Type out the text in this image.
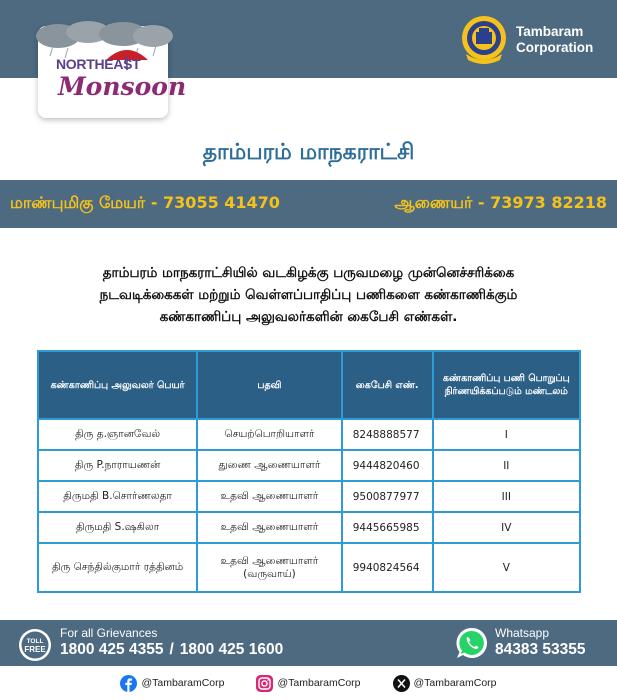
NORTHEAST
Monsoon
Tambaram
Corporation
தாம்பரம் மாநகராட்சி
மாண்புமிகு மேயர் - 73055 41470	ஆணையர் - 73973 82218
தாம்பரம் மாநகராட்சியில் வடகிழக்கு பருவமழை முன்னெச்சரிக்கை
நடவடிக்கைகள் மற்றும் வெள்ளப்பாதிப்பு பணிகளை கண்காணிக்கும்
கண்காணிப்பு அலுவலர்களின் கைபேசி எண்கள்.
கண்காணிப்பு அலுவலர் பெயர்	பதவி	கைபேசி எண்.	கண்காணிப்பு பணி பொறுப்பு நிர்ணயிக்கப்படும் மண்டலம்
திரு த.ஞானவேல்	செயற்பொறியாளர்	8248888577	I
திரு P.நாராயணன்	துணை ஆணையாளர்	9444820460	II
திருமதி B.சொர்ணலதா	உதவி ஆணையாளர்	9500877977	III
திருமதி S.ஷகிலா	உதவி ஆணையாளர்	9445665985	IV
திரு செந்தில்குமார் ரத்தினம்	உதவி ஆணையாளர் (வருவாய்)	9940824564	V
TOLL
FREE
For all Grievances
1800 425 4355 / 1800 425 1600
Whatsapp
84383 53355
@TambaramCorp	@TambaramCorp	@TambaramCorp
